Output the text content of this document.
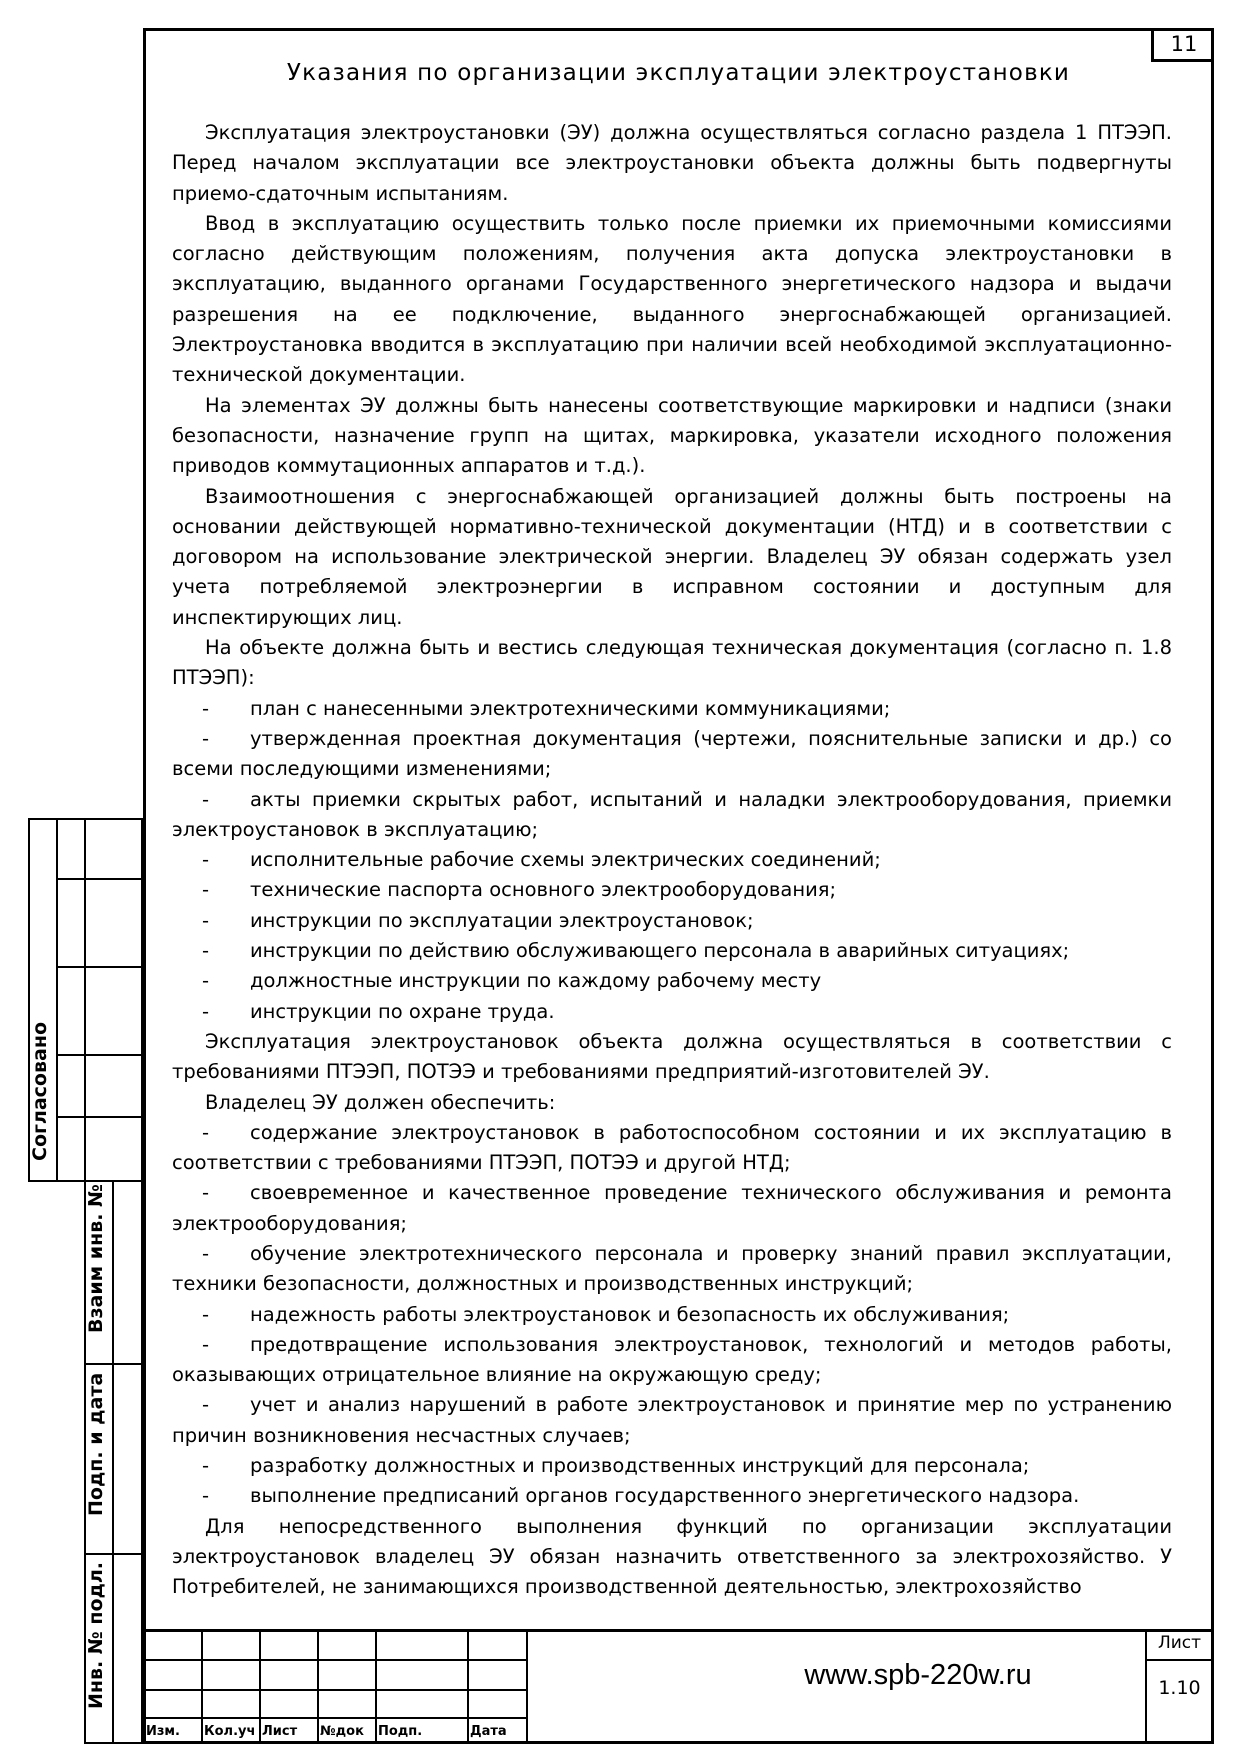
11
Указания по организации эксплуатации электроустановки

Эксплуатация электроустановки (ЭУ) должна осуществляться согласно раздела 1 ПТЭЭП. Перед началом эксплуатации все электроустановки объекта должны быть подвергнуты приемо-сдаточным испытаниям.

Ввод в эксплуатацию осуществить только после приемки их приемочными комиссиями согласно действующим положениям, получения акта допуска электроустановки в эксплуатацию, выданного органами Государственного энергетического надзора и выдачи разрешения на ее подключение, выданного энергоснабжающей организацией. Электроустановка вводится в эксплуатацию при наличии всей необходимой эксплуатационно-технической документации.

На элементах ЭУ должны быть нанесены соответствующие маркировки и надписи (знаки безопасности, назначение групп на щитах, маркировка, указатели исходного положения приводов коммутационных аппаратов и т.д.).

Взаимоотношения с энергоснабжающей организацией должны быть построены на основании действующей нормативно-технической документации (НТД) и в соответствии с договором на использование электрической энергии. Владелец ЭУ обязан содержать узел учета потребляемой электроэнергии в исправном состоянии и доступным для инспектирующих лиц.

На объекте должна быть и вестись следующая техническая документация (согласно п. 1.8 ПТЭЭП):

- план с нанесенными электротехническими коммуникациями;

- утвержденная проектная документация (чертежи, пояснительные записки и др.) со всеми последующими изменениями;

- акты приемки скрытых работ, испытаний и наладки электрооборудования, приемки электроустановок в эксплуатацию;

- исполнительные рабочие схемы электрических соединений;

- технические паспорта основного электрооборудования;

- инструкции по эксплуатации электроустановок;

- инструкции по действию обслуживающего персонала в аварийных ситуациях;

- должностные инструкции по каждому рабочему месту

- инструкции по охране труда.

Эксплуатация электроустановок объекта должна осуществляться в соответствии с требованиями ПТЭЭП, ПОТЭЭ и требованиями предприятий-изготовителей ЭУ.

Владелец ЭУ должен обеспечить:

- содержание электроустановок в работоспособном состоянии и их эксплуатацию в соответствии с требованиями ПТЭЭП, ПОТЭЭ и другой НТД;

- своевременное и качественное проведение технического обслуживания и ремонта электрооборудования;

- обучение электротехнического персонала и проверку знаний правил эксплуатации, техники безопасности, должностных и производственных инструкций;

- надежность работы электроустановок и безопасность их обслуживания;

- предотвращение использования электроустановок, технологий и методов работы, оказывающих отрицательное влияние на окружающую среду;

- учет и анализ нарушений в работе электроустановок и принятие мер по устранению причин возникновения несчастных случаев;

- разработку должностных и производственных инструкций для персонала;

- выполнение предписаний органов государственного энергетического надзора.

Для непосредственного выполнения функций по организации эксплуатации электроустановок владелец ЭУ обязан назначить ответственного за электрохозяйство. У Потребителей, не занимающихся производственной деятельностью, электрохозяйство

Согласовано
Взаим инв. №
Подп. и дата
Инв. № подл.
Изм. Кол.уч Лист №док Подп.	Дата
www.spb-220w.ru
Лист
1.10
